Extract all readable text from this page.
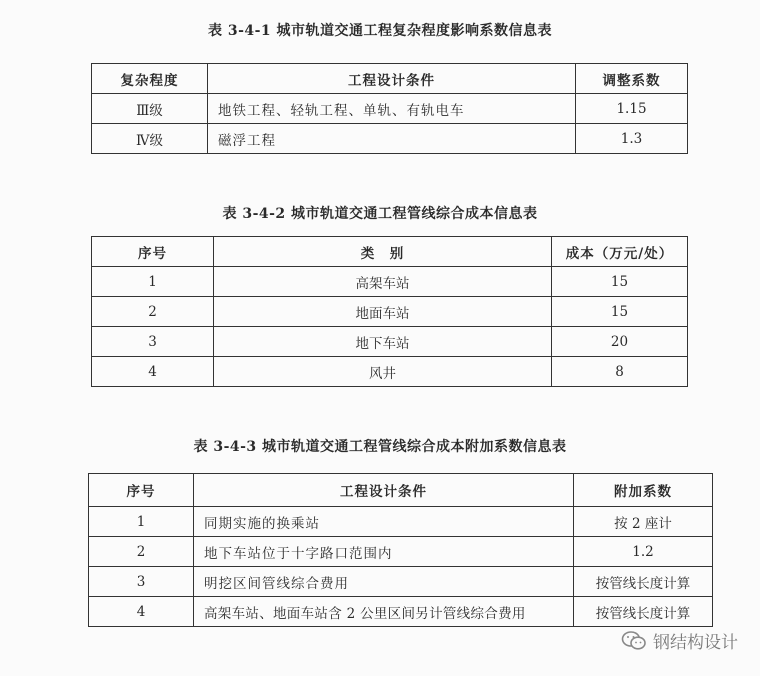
表 3-4-1 城市轨道交通工程复杂程度影响系数信息表
复杂程度	工程设计条件	调整系数
Ⅲ级	地铁工程、轻轨工程、单轨、有轨电车	1.15
Ⅳ级	磁浮工程	1.3
表 3-4-2 城市轨道交通工程管线综合成本信息表
序号	类　别	成本（万元/处）
1	高架车站	15
2	地面车站	15
3	地下车站	20
4	风井	8
表 3-4-3 城市轨道交通工程管线综合成本附加系数信息表
序号	工程设计条件	附加系数
1	同期实施的换乘站	按 2 座计
2	地下车站位于十字路口范围内	1.2
3	明挖区间管线综合费用	按管线长度计算
4	高架车站、地面车站含 2 公里区间另计管线综合费用	按管线长度计算
钢结构设计
